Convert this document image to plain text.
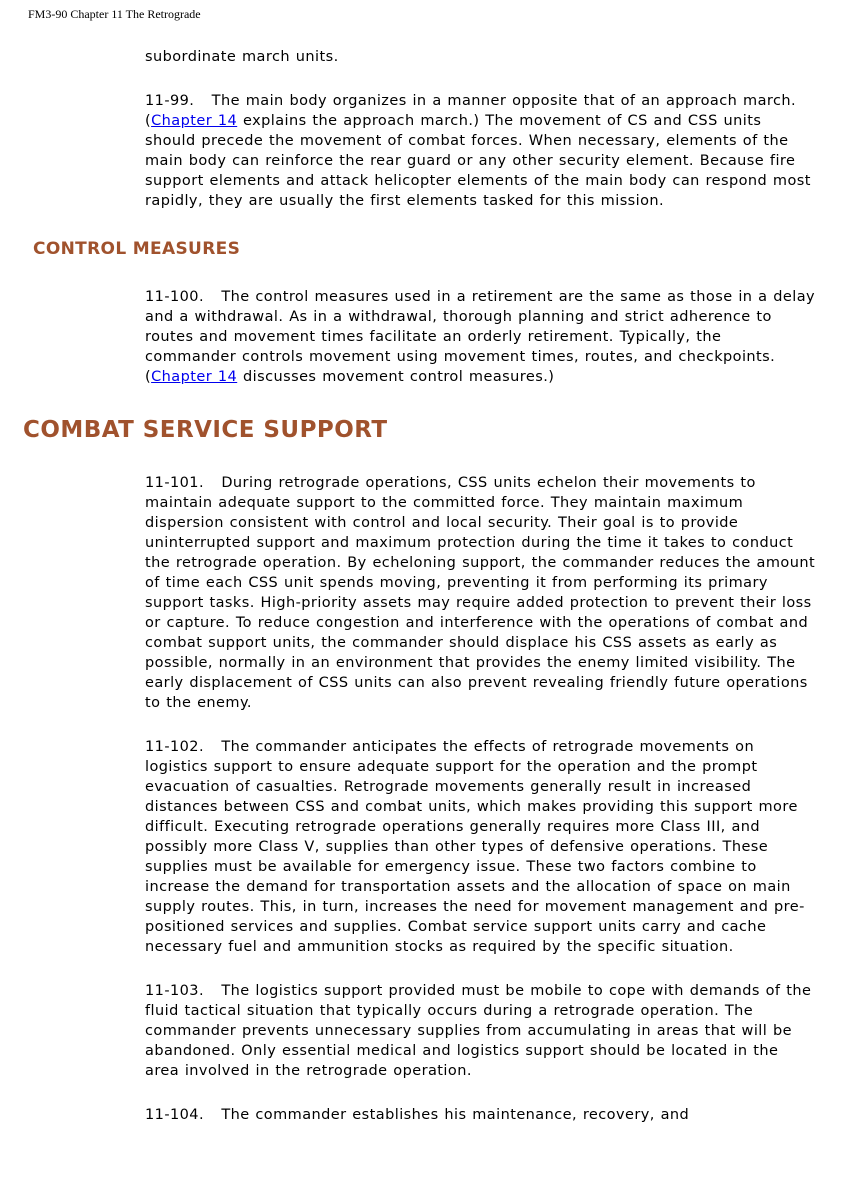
FM3-90 Chapter 11 The Retrograde

subordinate march units.

11-99.   The main body organizes in a manner opposite that of an approach march. (Chapter 14 explains the approach march.) The movement of CS and CSS units should precede the movement of combat forces. When necessary, elements of the main body can reinforce the rear guard or any other security element. Because fire support elements and attack helicopter elements of the main body can respond most rapidly, they are usually the first elements tasked for this mission.

CONTROL MEASURES

11-100.   The control measures used in a retirement are the same as those in a delay and a withdrawal. As in a withdrawal, thorough planning and strict adherence to routes and movement times facilitate an orderly retirement. Typically, the commander controls movement using movement times, routes, and checkpoints. (Chapter 14 discusses movement control measures.)

COMBAT SERVICE SUPPORT

11-101.   During retrograde operations, CSS units echelon their movements to maintain adequate support to the committed force. They maintain maximum dispersion consistent with control and local security. Their goal is to provide uninterrupted support and maximum protection during the time it takes to conduct the retrograde operation. By echeloning support, the commander reduces the amount of time each CSS unit spends moving, preventing it from performing its primary support tasks. High-priority assets may require added protection to prevent their loss or capture. To reduce congestion and interference with the operations of combat and combat support units, the commander should displace his CSS assets as early as possible, normally in an environment that provides the enemy limited visibility. The early displacement of CSS units can also prevent revealing friendly future operations to the enemy.

11-102.   The commander anticipates the effects of retrograde movements on logistics support to ensure adequate support for the operation and the prompt evacuation of casualties. Retrograde movements generally result in increased distances between CSS and combat units, which makes providing this support more difficult. Executing retrograde operations generally requires more Class III, and possibly more Class V, supplies than other types of defensive operations. These supplies must be available for emergency issue. These two factors combine to increase the demand for transportation assets and the allocation of space on main supply routes. This, in turn, increases the need for movement management and pre-positioned services and supplies. Combat service support units carry and cache necessary fuel and ammunition stocks as required by the specific situation.

11-103.   The logistics support provided must be mobile to cope with demands of the fluid tactical situation that typically occurs during a retrograde operation. The commander prevents unnecessary supplies from accumulating in areas that will be abandoned. Only essential medical and logistics support should be located in the area involved in the retrograde operation.

11-104.   The commander establishes his maintenance, recovery, and
